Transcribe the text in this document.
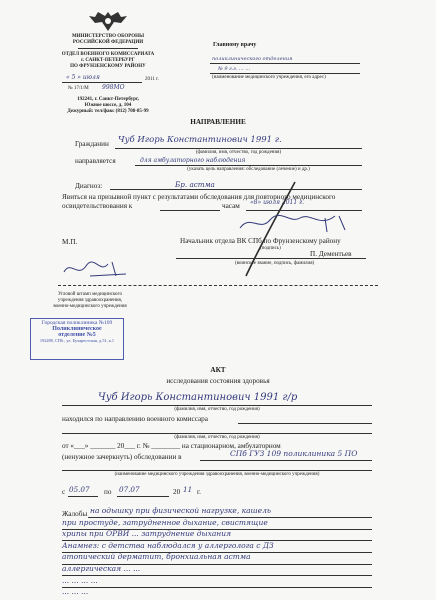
МИНИСТЕРСТВО ОБОРОНЫ
РОССИЙСКОЙ ФЕДЕРАЦИИ
ОТДЕЛ ВОЕННОГО КОМИССАРИАТА
г. САНКТ-ПЕТЕРБУРГ
ПО ФРУНЗЕНСКОМУ РАЙОНУ
« 5 » июля	2011 г.
№ 17/1/М 998МО
192241, г. Санкт-Петербург,
Южное шоссе, д. 104
Дежурный: тел/факс (812) 708-85-99
Главному врачу
поликлинического отделения
№ 9 г.г. ... ...
(наименование медицинского учреждения, его адрес)
НАПРАВЛЕНИЕ
Гражданин Чуб Игорь Константинович 1991 г.
(фамилия, имя, отчество, год рождения)
направляется	для амбулаторного наблюдения
(указать цель направления: обследование (лечение) и др.)
Диагноз:	Бр. астма
Явиться на призывной пункт с результатами обследования для повторного медицинского
освидетельствования к	часам «8» июля 2011 г.
М.П.	Начальник отдела ВК СПб по Фрунзенскому району
(подпись)
П. Дементьев
(воинское звание, подпись, фамилия)
Угловой штамп медицинского
учреждения здравоохранения,
военно-медицинского учреждения
Городская поликлиника №109
Поликлиническое
отделение №5
192288, СПб., ул. Бухарестская, д.51, к.1
АКТ
исследования состояния здоровья
Чуб Игорь Константинович 1991 г/р
(фамилия, имя, отчество, год рождения)
находился по направлению военного комиссара
(фамилия, имя, отчество, год рождения)
от «___» _______ 20___ г. № ________ на стационарном, амбулаторном
(ненужное зачеркнуть) обследовании в	СПб ГУЗ 109 поликлиника 5 ПО
(наименование медицинского учреждения здравоохранения, военно-медицинского учреждения)
с 05.07 по 07.07	20 11 г.
Жалобы на одышку при физической нагрузке, кашель
при простуде, затрудненное дыхание, свистящие
хрипы при ОРВИ ... затруднение дыхания
Анамнез: с детства наблюдался у аллерголога с ДЗ
атопический дерматит, бронхиальная астма
аллергическая ... ...
... ... ... ...
... ... ...
